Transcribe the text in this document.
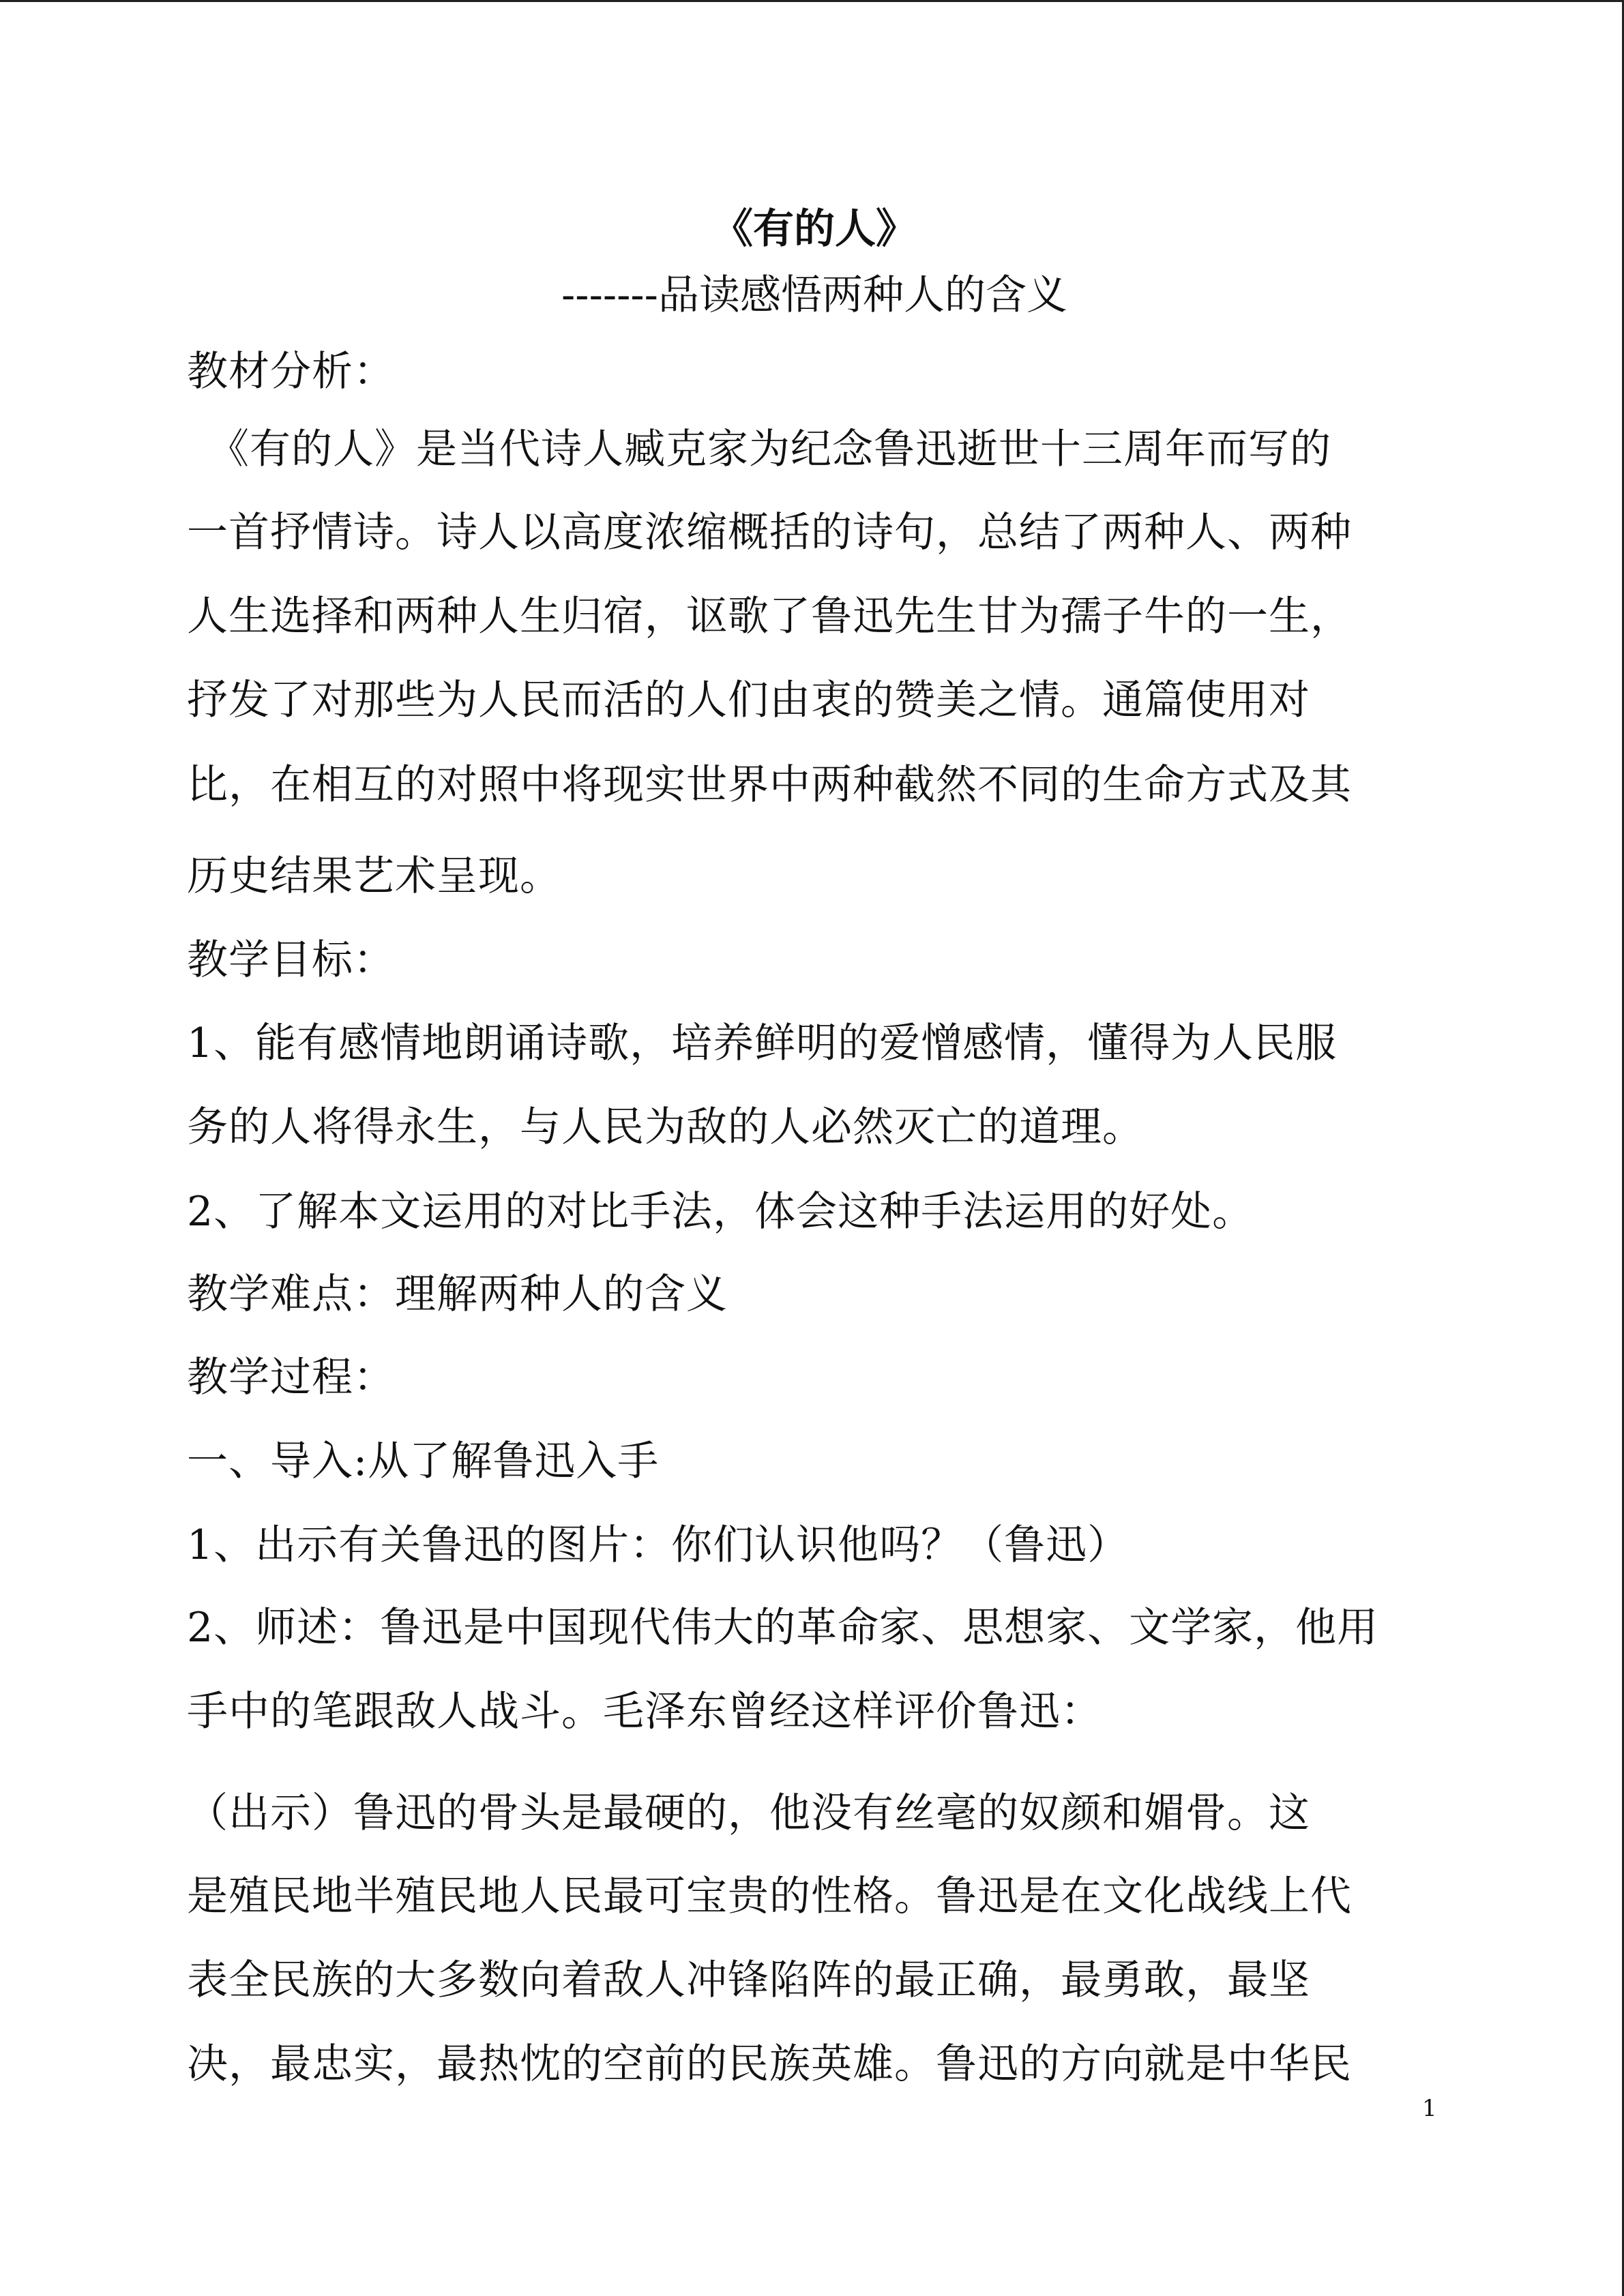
《有的人》
-------品读感悟两种人的含义
教材分析：
　《有的人》是当代诗人臧克家为纪念鲁迅逝世十三周年而写的
一首抒情诗。诗人以高度浓缩概括的诗句，总结了两种人、两种
人生选择和两种人生归宿，讴歌了鲁迅先生甘为孺子牛的一生，
抒发了对那些为人民而活的人们由衷的赞美之情。通篇使用对
比，在相互的对照中将现实世界中两种截然不同的生命方式及其
历史结果艺术呈现。
教学目标：
1、能有感情地朗诵诗歌，培养鲜明的爱憎感情，懂得为人民服
务的人将得永生，与人民为敌的人必然灭亡的道理。
2、了解本文运用的对比手法，体会这种手法运用的好处。
教学难点：理解两种人的含义
教学过程：
一、导入:从了解鲁迅入手
1、出示有关鲁迅的图片：你们认识他吗？（鲁迅）
2、师述：鲁迅是中国现代伟大的革命家、思想家、文学家，他用
手中的笔跟敌人战斗。毛泽东曾经这样评价鲁迅：
（出示）鲁迅的骨头是最硬的，他没有丝毫的奴颜和媚骨。这
是殖民地半殖民地人民最可宝贵的性格。鲁迅是在文化战线上代
表全民族的大多数向着敌人冲锋陷阵的最正确，最勇敢，最坚
决，最忠实，最热忱的空前的民族英雄。鲁迅的方向就是中华民
1
